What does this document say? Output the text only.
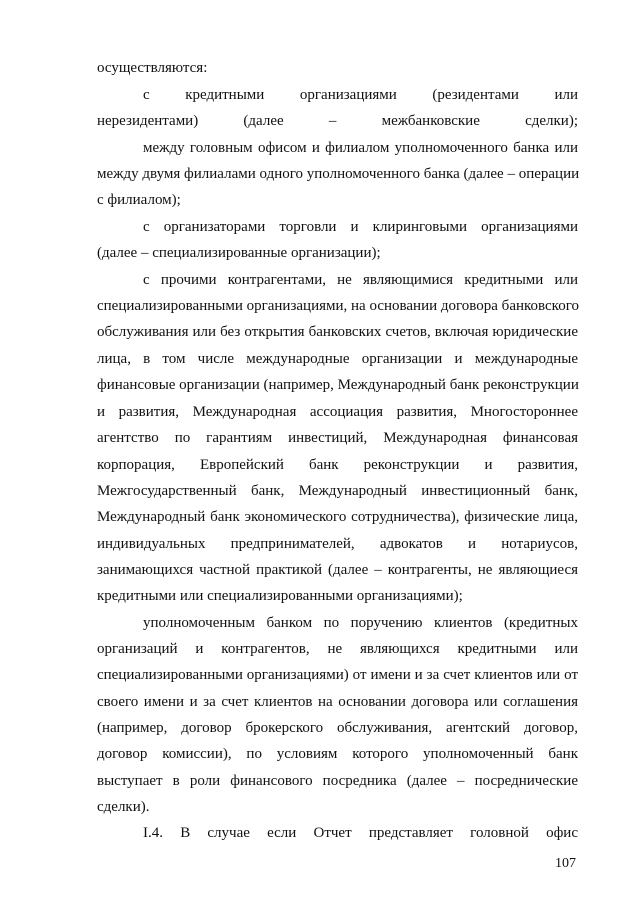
осуществляются:
с кредитными организациями (резидентами или
нерезидентами) (далее – межбанковские сделки);
между головным офисом и филиалом уполномоченного банка или
между двумя филиалами одного уполномоченного банка (далее – операции
с филиалом);
с организаторами торговли и клиринговыми организациями
(далее – специализированные организации);
с прочими контрагентами, не являющимися кредитными или
специализированными организациями, на основании договора банковского
обслуживания или без открытия банковских счетов, включая юридические
лица, в том числе международные организации и международные
финансовые организации (например, Международный банк реконструкции
и развития, Международная ассоциация развития, Многостороннее
агентство по гарантиям инвестиций, Международная финансовая
корпорация, Европейский банк реконструкции и развития,
Межгосударственный банк, Международный инвестиционный банк,
Международный банк экономического сотрудничества), физические лица,
индивидуальных предпринимателей, адвокатов и нотариусов,
занимающихся частной практикой (далее – контрагенты, не являющиеся
кредитными или специализированными организациями);
уполномоченным банком по поручению клиентов (кредитных
организаций и контрагентов, не являющихся кредитными или
специализированными организациями) от имени и за счет клиентов или от
своего имени и за счет клиентов на основании договора или соглашения
(например, договор брокерского обслуживания, агентский договор,
договор комиссии), по условиям которого уполномоченный банк
выступает в роли финансового посредника (далее – посреднические
сделки).
I.4. В случае если Отчет представляет головной офис
107
